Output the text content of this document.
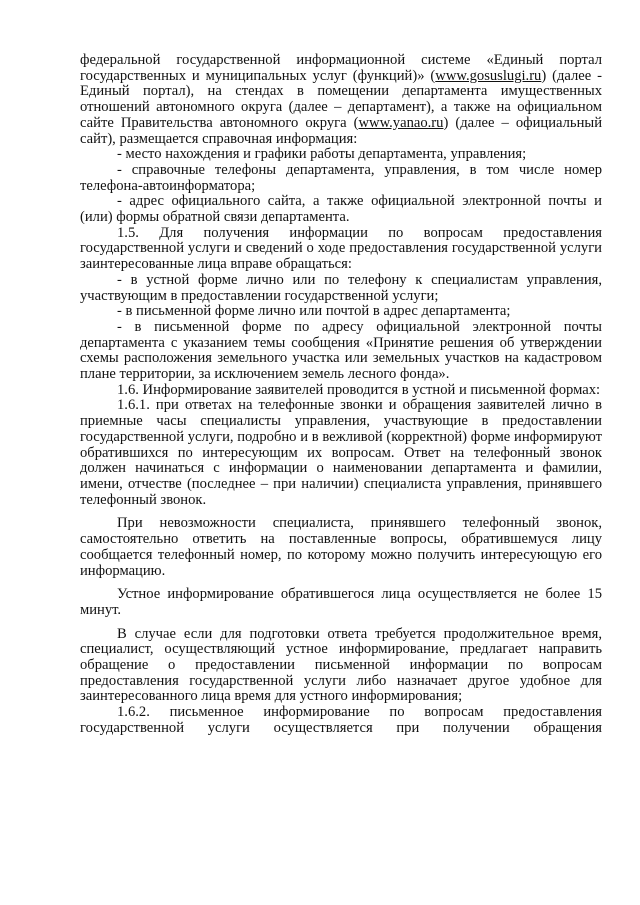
федеральной государственной информационной системе «Единый портал государственных и муниципальных услуг (функций)» (www.gosuslugi.ru) (далее - Единый портал), на стендах в помещении департамента имущественных отношений автономного округа (далее – департамент), а также на официальном сайте Правительства автономного округа (www.yanao.ru) (далее – официальный сайт), размещается справочная информация:

- место нахождения и графики работы департамента, управления;

- справочные телефоны департамента, управления, в том числе номер телефона-автоинформатора;

- адрес официального сайта, а также официальной электронной почты и (или) формы обратной связи департамента.

1.5. Для получения информации по вопросам предоставления государственной услуги и сведений о ходе предоставления государственной услуги заинтересованные лица вправе обращаться:

- в устной форме лично или по телефону к специалистам управления, участвующим в предоставлении государственной услуги;

- в письменной форме лично или почтой в адрес департамента;

- в письменной форме по адресу официальной электронной почты департамента с указанием темы сообщения «Принятие решения об утверждении схемы расположения земельного участка или земельных участков на кадастровом плане территории, за исключением земель лесного фонда».

1.6. Информирование заявителей проводится в устной и письменной формах:

1.6.1. при ответах на телефонные звонки и обращения заявителей лично в приемные часы специалисты управления, участвующие в предоставлении государственной услуги, подробно и в вежливой (корректной) форме информируют обратившихся по интересующим их вопросам. Ответ на телефонный звонок должен начинаться с информации о наименовании департамента и фамилии, имени, отчестве (последнее – при наличии) специалиста управления, принявшего телефонный звонок.

При невозможности специалиста, принявшего телефонный звонок, самостоятельно ответить на поставленные вопросы, обратившемуся лицу сообщается телефонный номер, по которому можно получить интересующую его информацию.

Устное информирование обратившегося лица осуществляется не более 15 минут.

В случае если для подготовки ответа требуется продолжительное время, специалист, осуществляющий устное информирование, предлагает направить обращение о предоставлении письменной информации по вопросам предоставления государственной услуги либо назначает другое удобное для заинтересованного лица время для устного информирования;

1.6.2. письменное информирование по вопросам предоставления государственной услуги осуществляется при получении обращения
